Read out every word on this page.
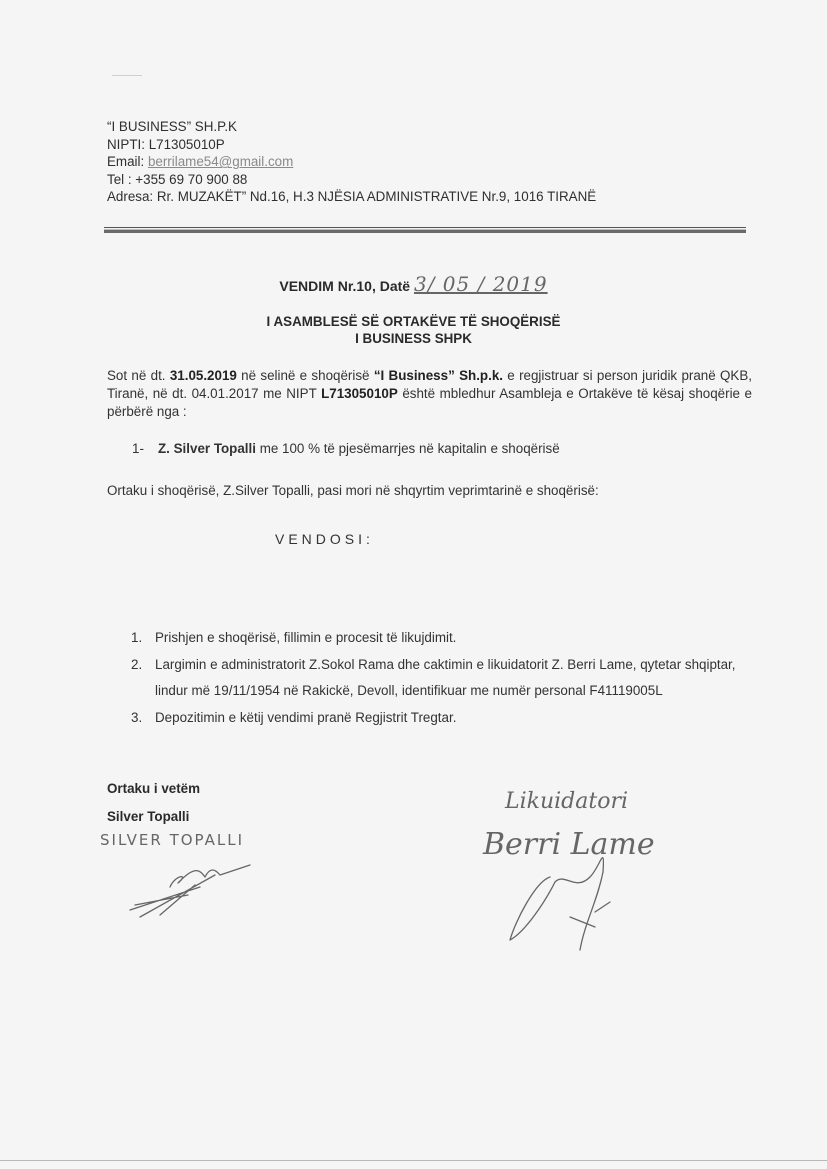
“I BUSINESS” SH.P.K
NIPTI: L71305010P
Email: berrilame54@gmail.com
Tel : +355 69 70 900 88
Adresa: Rr. MUZAKËT” Nd.16, H.3 NJËSIA ADMINISTRATIVE Nr.9, 1016 TIRANË
VENDIM Nr.10, Datë 3/ 05 / 2019
I ASAMBLESË SË ORTAKËVE TË SHOQËRISË
I BUSINESS SHPK
Sot në dt. 31.05.2019 në selinë e shoqërisë “I Business” Sh.p.k. e regjistruar si person juridik pranë QKB, Tiranë, në dt. 04.01.2017 me NIPT L71305010P është mbledhur Asambleja e Ortakëve të kësaj shoqërie e përbërë nga :
1- Z. Silver Topalli me 100 % të pjesëmarrjes në kapitalin e shoqërisë
Ortaku i shoqërisë, Z.Silver Topalli, pasi mori në shqyrtim veprimtarinë e shoqërisë:
VENDOSI:
1. Prishjen e shoqërisë, fillimin e procesit të likujdimit.
2. Largimin e administratorit Z.Sokol Rama dhe caktimin e likuidatorit Z. Berri Lame, qytetar shqiptar, lindur më 19/11/1954 në Rakickë, Devoll, identifikuar me numër personal F41119005L
3. Depozitimin e këtij vendimi pranë Regjistrit Tregtar.
Ortaku i vetëm
Silver Topalli
SILVER TOPALLI
Likuidatori
Berri Lame
